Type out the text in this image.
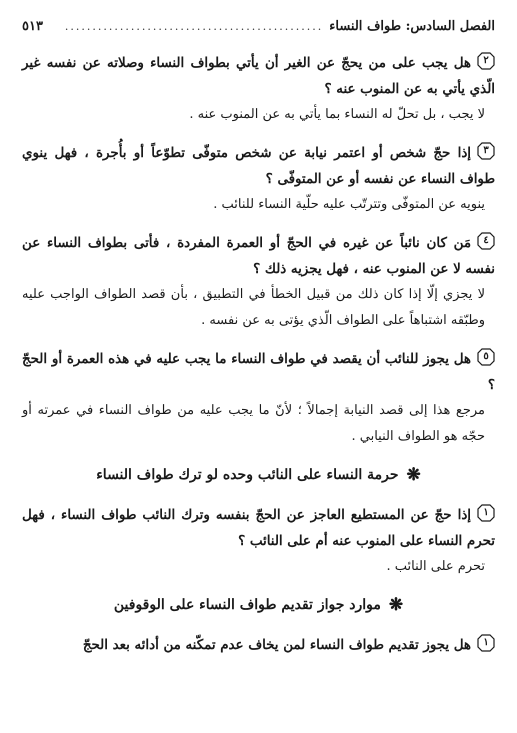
الفصل السادس: طواف النساء
...............................................
٥١٣
٢
هل يجب على من يحجّ عن الغير أن يأتي بطواف النساء وصلاته عن نفسه غير الّذي يأتي به عن المنوب عنه ؟
لا يجب ، بل تحلّ له النساء بما يأتي به عن المنوب عنه .
٣
إذا حجّ شخص أو اعتمر نيابة عن شخص متوفّى تطوّعاً أو بأُجرة ، فهل ينوي طواف النساء عن نفسه أو عن المتوفّى ؟
ينويه عن المتوفّى وتترتّب عليه حلّية النساء للنائب .
٤
مَن كان نائباً عن غيره في الحجّ أو العمرة المفردة ، فأتى بطواف النساء عن نفسه لا عن المنوب عنه ، فهل يجزيه ذلك ؟
لا يجزي إلّا إذا كان ذلك من قبيل الخطأ في التطبيق ، بأن قصد الطواف الواجب عليه وطبّقه اشتباهاً على الطواف الّذي يؤتى به عن نفسه .
٥
هل يجوز للنائب أن يقصد في طواف النساء ما يجب عليه في هذه العمرة أو الحجّ ؟
مرجع هذا إلى قصد النيابة إجمالاً ؛ لأنّ ما يجب عليه من طواف النساء في عمرته أو حجّه هو الطواف النيابي .
❋حرمة النساء على النائب وحده لو ترك طواف النساء
١
إذا حجّ عن المستطيع العاجز عن الحجّ بنفسه وترك النائب طواف النساء ، فهل تحرم النساء على المنوب عنه أم على النائب ؟
تحرم على النائب .
❋موارد جواز تقديم طواف النساء على الوقوفين
١
هل يجوز تقديم طواف النساء لمن يخاف عدم تمكّنه من أدائه بعد الحجّ
